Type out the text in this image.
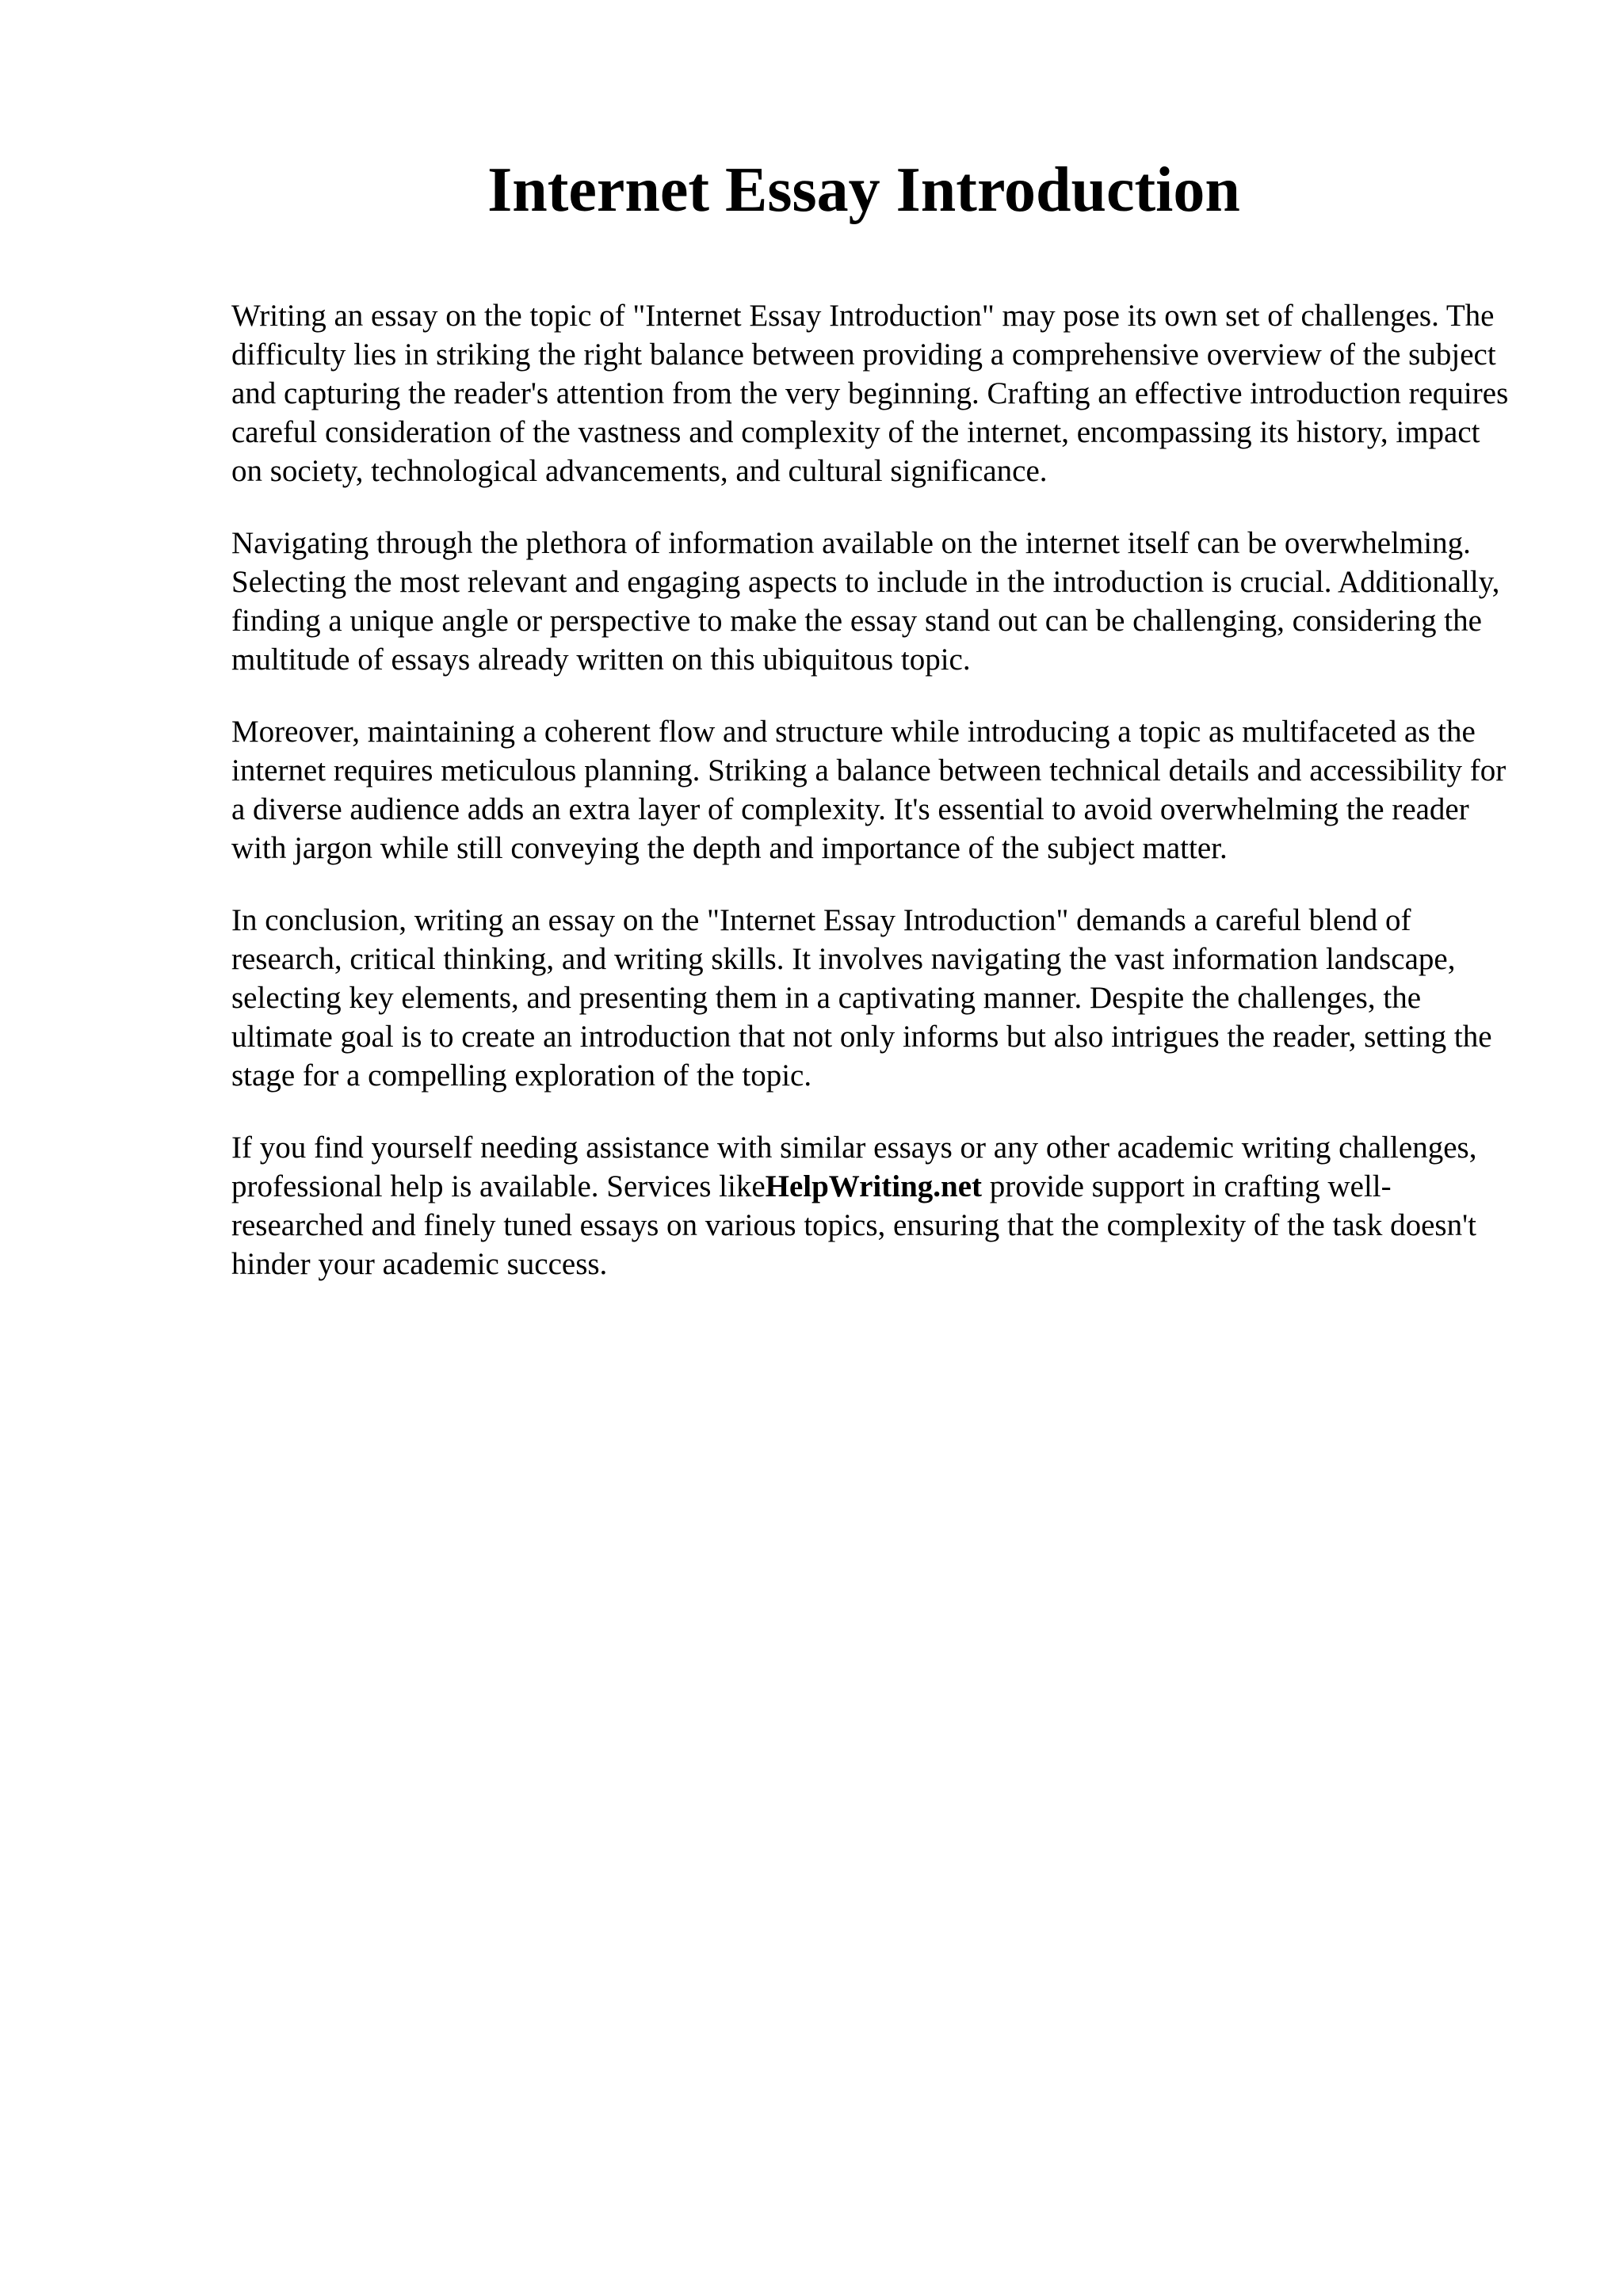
Internet Essay Introduction

Writing an essay on the topic of "Internet Essay Introduction" may pose its own set of challenges. The difficulty lies in striking the right balance between providing a comprehensive overview of the subject and capturing the reader's attention from the very beginning. Crafting an effective introduction requires careful consideration of the vastness and complexity of the internet, encompassing its history, impact on society, technological advancements, and cultural significance.

Navigating through the plethora of information available on the internet itself can be overwhelming. Selecting the most relevant and engaging aspects to include in the introduction is crucial. Additionally, finding a unique angle or perspective to make the essay stand out can be challenging, considering the multitude of essays already written on this ubiquitous topic.

Moreover, maintaining a coherent flow and structure while introducing a topic as multifaceted as the internet requires meticulous planning. Striking a balance between technical details and accessibility for a diverse audience adds an extra layer of complexity. It's essential to avoid overwhelming the reader with jargon while still conveying the depth and importance of the subject matter.

In conclusion, writing an essay on the "Internet Essay Introduction" demands a careful blend of research, critical thinking, and writing skills. It involves navigating the vast information landscape, selecting key elements, and presenting them in a captivating manner. Despite the challenges, the ultimate goal is to create an introduction that not only informs but also intrigues the reader, setting the stage for a compelling exploration of the topic.

If you find yourself needing assistance with similar essays or any other academic writing challenges, professional help is available. Services likeHelpWriting.net provide support in crafting well-researched and finely tuned essays on various topics, ensuring that the complexity of the task doesn't hinder your academic success.
